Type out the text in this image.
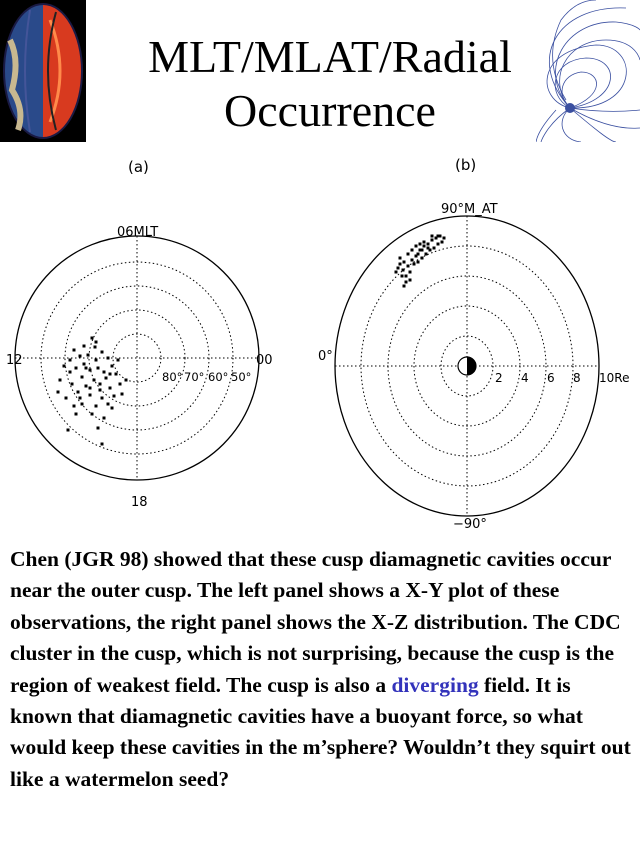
MLT/MLAT/Radial
Occurrence
(a)	(b)
06MLT
12	00
18
80° 70° 60° 50°
90°M_AT
0°
−90°
2 4 6 8 10Re
Chen (JGR 98) showed that these cusp diamagnetic cavities occur near the outer cusp. The left panel shows a X-Y plot of these observations, the right panel shows the X-Z distribution. The CDC cluster in the cusp, which is not surprising, because the cusp is the region of weakest field. The cusp is also a diverging field. It is known that diamagnetic cavities have a buoyant force, so what would keep these cavities in the m’sphere? Wouldn’t they squirt out like a watermelon seed?
